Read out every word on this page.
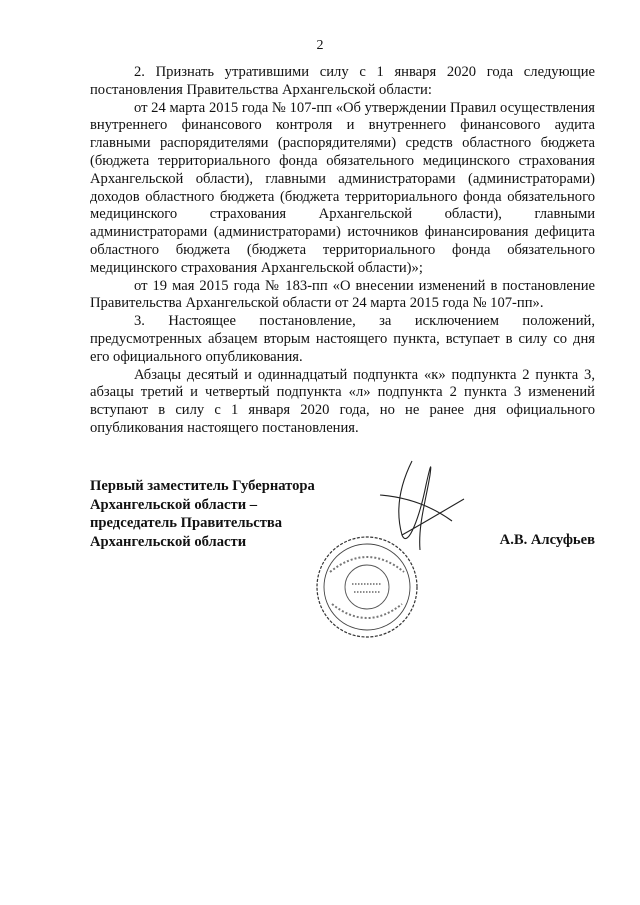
2

2. Признать утратившими силу с 1 января 2020 года следующие постановления Правительства Архангельской области:

от 24 марта 2015 года № 107-пп «Об утверждении Правил осуществления внутреннего финансового контроля и внутреннего финансового аудита главными распорядителями (распорядителями) средств областного бюджета (бюджета территориального фонда обязательного медицинского страхования Архангельской области), главными администраторами (администраторами) доходов областного бюджета (бюджета территориального фонда обязательного медицинского страхования Архангельской области), главными администраторами (администраторами) источников финансирования дефицита областного бюджета (бюджета территориального фонда обязательного медицинского страхования Архангельской области)»;

от 19 мая 2015 года № 183-пп «О внесении изменений в постановление Правительства Архангельской области от 24 марта 2015 года № 107-пп».

3. Настоящее постановление, за исключением положений, предусмотренных абзацем вторым настоящего пункта, вступает в силу со дня его официального опубликования.

Абзацы десятый и одиннадцатый подпункта «к» подпункта 2 пункта 3, абзацы третий и четвертый подпункта «л» подпункта 2 пункта 3 изменений вступают в силу с 1 января 2020 года, но не ранее дня официального опубликования настоящего постановления.

Первый заместитель Губернатора
Архангельской области –
председатель Правительства
Архангельской области	А.В. Алсуфьев
